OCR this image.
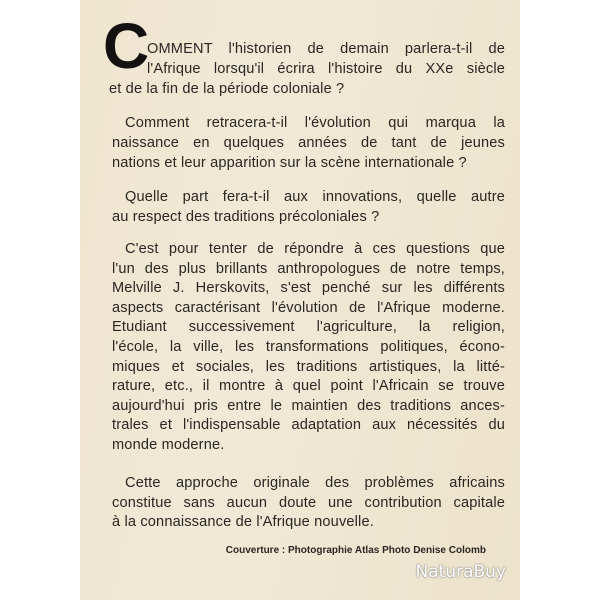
C
OMMENT l'historien de demain parlera-t-il de
l'Afrique lorsqu'il écrira l'histoire du XXe siècle
et de la fin de la période coloniale ?
Comment retracera-t-il l'évolution qui marqua la
naissance en quelques années de tant de jeunes
nations et leur apparition sur la scène internationale ?
Quelle part fera-t-il aux innovations, quelle autre
au respect des traditions précoloniales ?
C'est pour tenter de répondre à ces questions que
l'un des plus brillants anthropologues de notre temps,
Melville J. Herskovits, s'est penché sur les différents
aspects caractérisant l'évolution de l'Afrique moderne.
Etudiant successivement l'agriculture, la religion,
l'école, la ville, les transformations politiques, écono-
miques et sociales, les traditions artistiques, la litté-
rature, etc., il montre à quel point l'Africain se trouve
aujourd'hui pris entre le maintien des traditions ances-
trales et l'indispensable adaptation aux nécessités du
monde moderne.
Cette approche originale des problèmes africains
constitue sans aucun doute une contribution capitale
à la connaissance de l'Afrique nouvelle.
Couverture : Photographie Atlas Photo Denise Colomb
NaturaBuy
